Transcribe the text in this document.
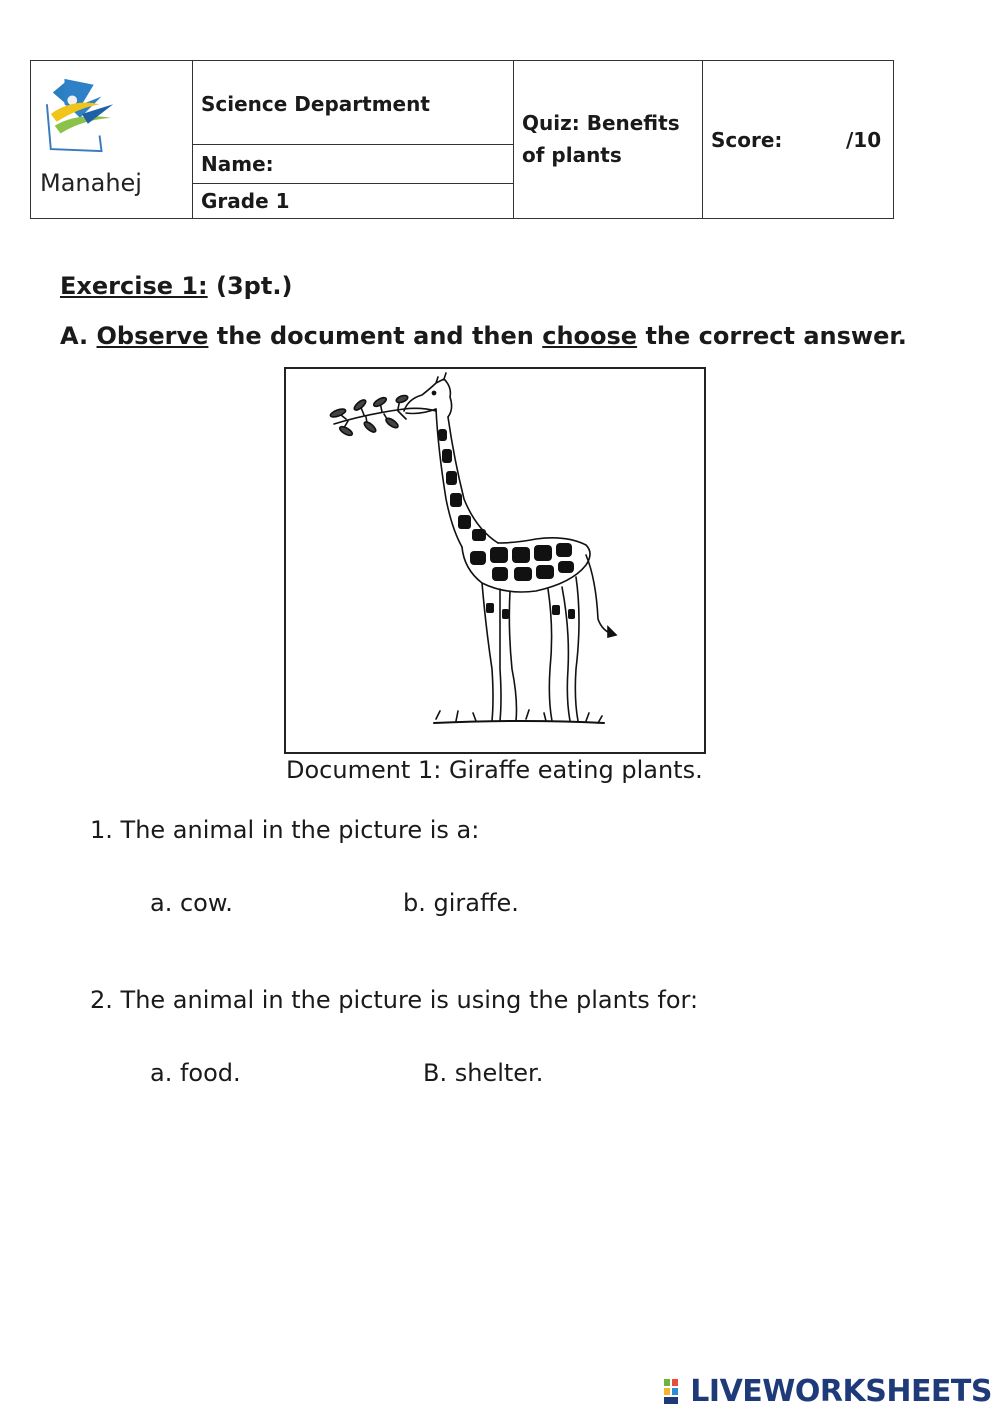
Manahej
Science Department
Name:
Grade 1
Quiz: Benefits
of plants
Score:	/10
Exercise 1: (3pt.)
A. Observe the document and then choose the correct answer.
Document 1: Giraffe eating plants.
1. The animal in the picture is a:
a. cow.	b. giraffe.
2. The animal in the picture is using the plants for:
a. food.	B. shelter.
LIVEWORKSHEETS
